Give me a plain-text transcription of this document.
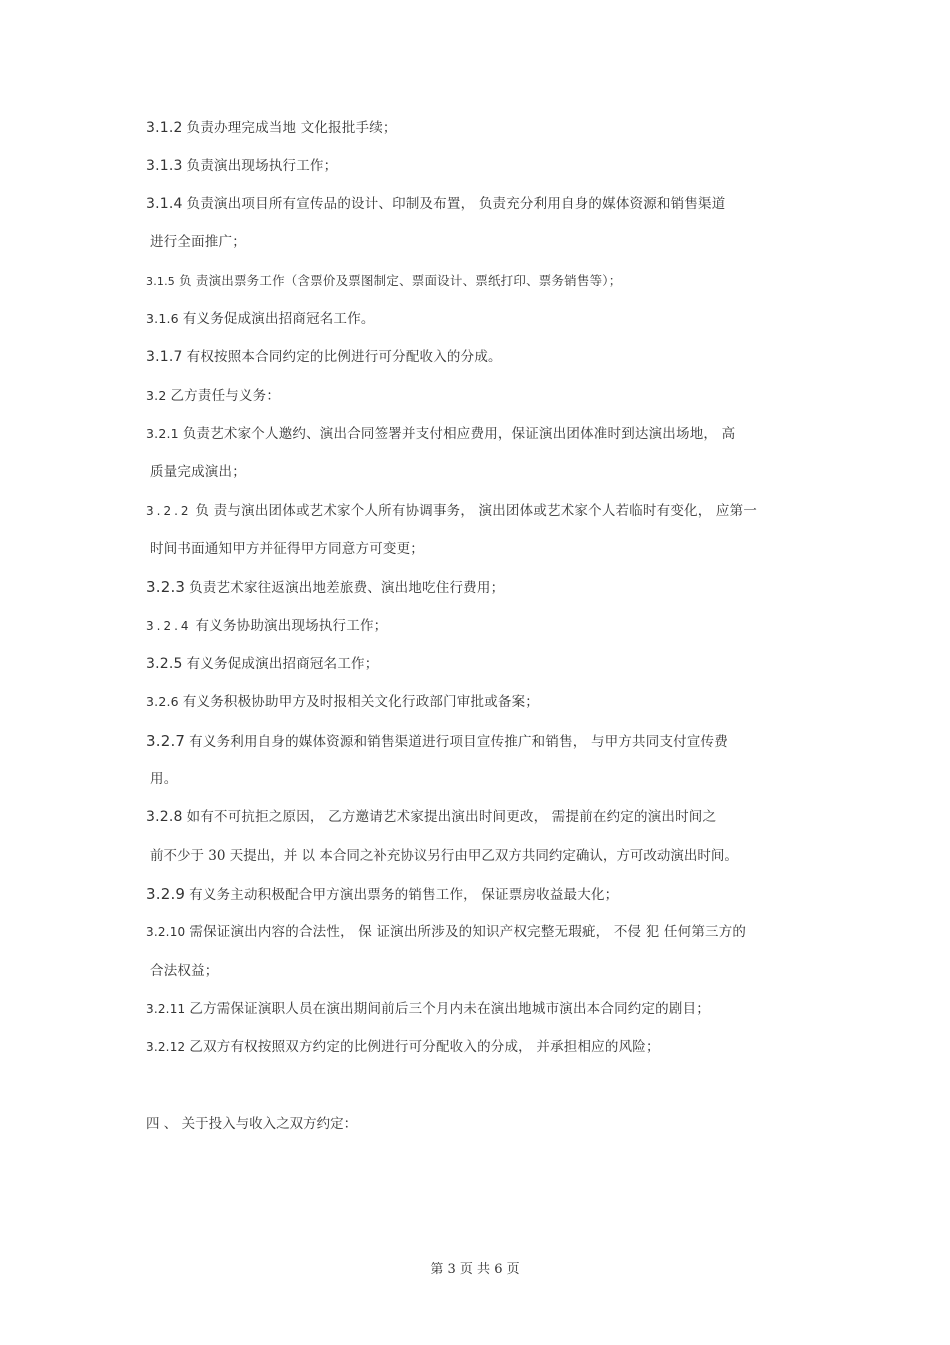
3.1.2 负责办理完成当地 文化报批手续；
3.1.3 负责演出现场执行工作；
3.1.4 负责演出项目所有宣传品的设计、印制及布置， 负责充分利用自身的媒体资源和销售渠道
进行全面推广；
3.1.5 负 责演出票务工作（含票价及票图制定、票面设计、票纸打印、票务销售等）；
3.1.6 有义务促成演出招商冠名工作。
3.1.7 有权按照本合同约定的比例进行可分配收入的分成。
3.2 乙方责任与义务：
3.2.1 负责艺术家个人邀约、演出合同签署并支付相应费用，保证演出团体准时到达演出场地， 高
质量完成演出；
3.2.2 负 责与演出团体或艺术家个人所有协调事务， 演出团体或艺术家个人若临时有变化， 应第一
时间书面通知甲方并征得甲方同意方可变更；
3.2.3 负责艺术家往返演出地差旅费、演出地吃住行费用；
3.2.4 有义务协助演出现场执行工作；
3.2.5 有义务促成演出招商冠名工作；
3.2.6 有义务积极协助甲方及时报相关文化行政部门审批或备案；
3.2.7 有义务利用自身的媒体资源和销售渠道进行项目宣传推广和销售， 与甲方共同支付宣传费
用。
3.2.8 如有不可抗拒之原因， 乙方邀请艺术家提出演出时间更改， 需提前在约定的演出时间之
前不少于 30 天提出，并 以 本合同之补充协议另行由甲乙双方共同约定确认，方可改动演出时间。
3.2.9 有义务主动积极配合甲方演出票务的销售工作， 保证票房收益最大化；
3.2.10 需保证演出内容的合法性， 保 证演出所涉及的知识产权完整无瑕疵， 不侵 犯 任何第三方的
合法权益；
3.2.11 乙方需保证演职人员在演出期间前后三个月内未在演出地城市演出本合同约定的剧目；
3.2.12 乙双方有权按照双方约定的比例进行可分配收入的分成， 并承担相应的风险；
四 、 关于投入与收入之双方约定：
第 3 页 共 6 页
